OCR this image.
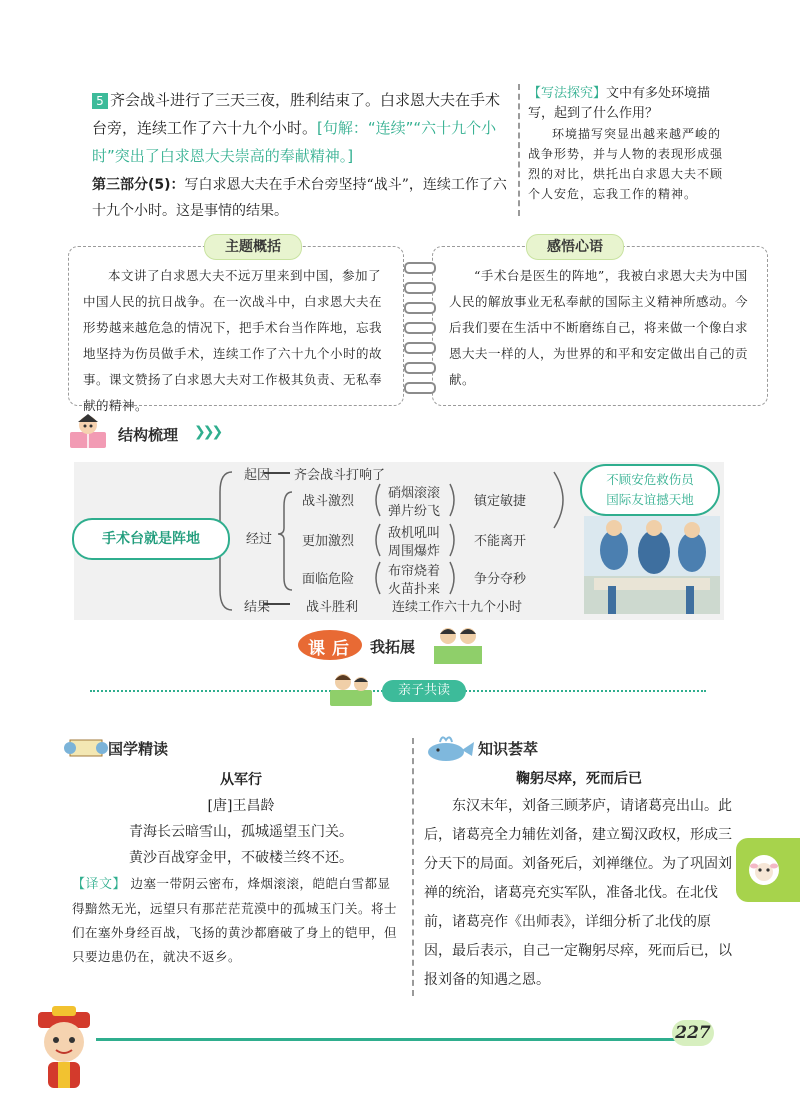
5 齐会战斗进行了三天三夜，胜利结束了。白求恩大夫在手术台旁，连续工作了六十九个小时。[句解：“连续”“六十九个小时”突出了白求恩大夫崇高的奉献精神。]
第三部分(5)：写白求恩大夫在手术台旁坚持“战斗”，连续工作了六十九个小时。这是事情的结果。
【写法探究】文中有多处环境描写，起到了什么作用？
环境描写突显出越来越严峻的战争形势，并与人物的表现形成强烈的对比，烘托出白求恩大夫不顾个人安危，忘我工作的精神。
本文讲了白求恩大夫不远万里来到中国，参加了中国人民的抗日战争。在一次战斗中，白求恩大夫在形势越来越危急的情况下，把手术台当作阵地，忘我地坚持为伤员做手术，连续工作了六十九个小时的故事。课文赞扬了白求恩大夫对工作极其负责、无私奉献的精神。
主题概括
“手术台是医生的阵地”，我被白求恩大夫为中国人民的解放事业无私奉献的国际主义精神所感动。今后我们要在生活中不断磨练自己，将来做一个像白求恩大夫一样的人，为世界的和平和安定做出自己的贡献。
感悟心语
结构梳理 ❯❯❯
手术台就是阵地
起因 齐会战斗打响了
经过
战斗激烈
硝烟滚滚
弹片纷飞
镇定敏捷
更加激烈
敌机吼叫
周围爆炸
不能离开
面临危险
布帘烧着
火苗扑来
争分夺秒
结果	战斗胜利	连续工作六十九个小时
不顾安危救伤员
国际友谊撼天地
课 后 我拓展
亲子共读
国学精读
从军行
[唐]王昌龄
青海长云暗雪山，孤城遥望玉门关。
黄沙百战穿金甲，不破楼兰终不还。
【译文】 边塞一带阴云密布，烽烟滚滚，皑皑白雪都显得黯然无光，远望只有那茫茫荒漠中的孤城玉门关。将士们在塞外身经百战，飞扬的黄沙都磨破了身上的铠甲，但只要边患仍在，就决不返乡。
知识荟萃
鞠躬尽瘁，死而后已
东汉末年，刘备三顾茅庐，请诸葛亮出山。此后，诸葛亮全力辅佐刘备，建立蜀汉政权，形成三分天下的局面。刘备死后，刘禅继位。为了巩固刘禅的统治，诸葛亮充实军队，准备北伐。在北伐前，诸葛亮作《出师表》，详细分析了北伐的原因，最后表示，自己一定鞠躬尽瘁，死而后已，以报刘备的知遇之恩。
227
